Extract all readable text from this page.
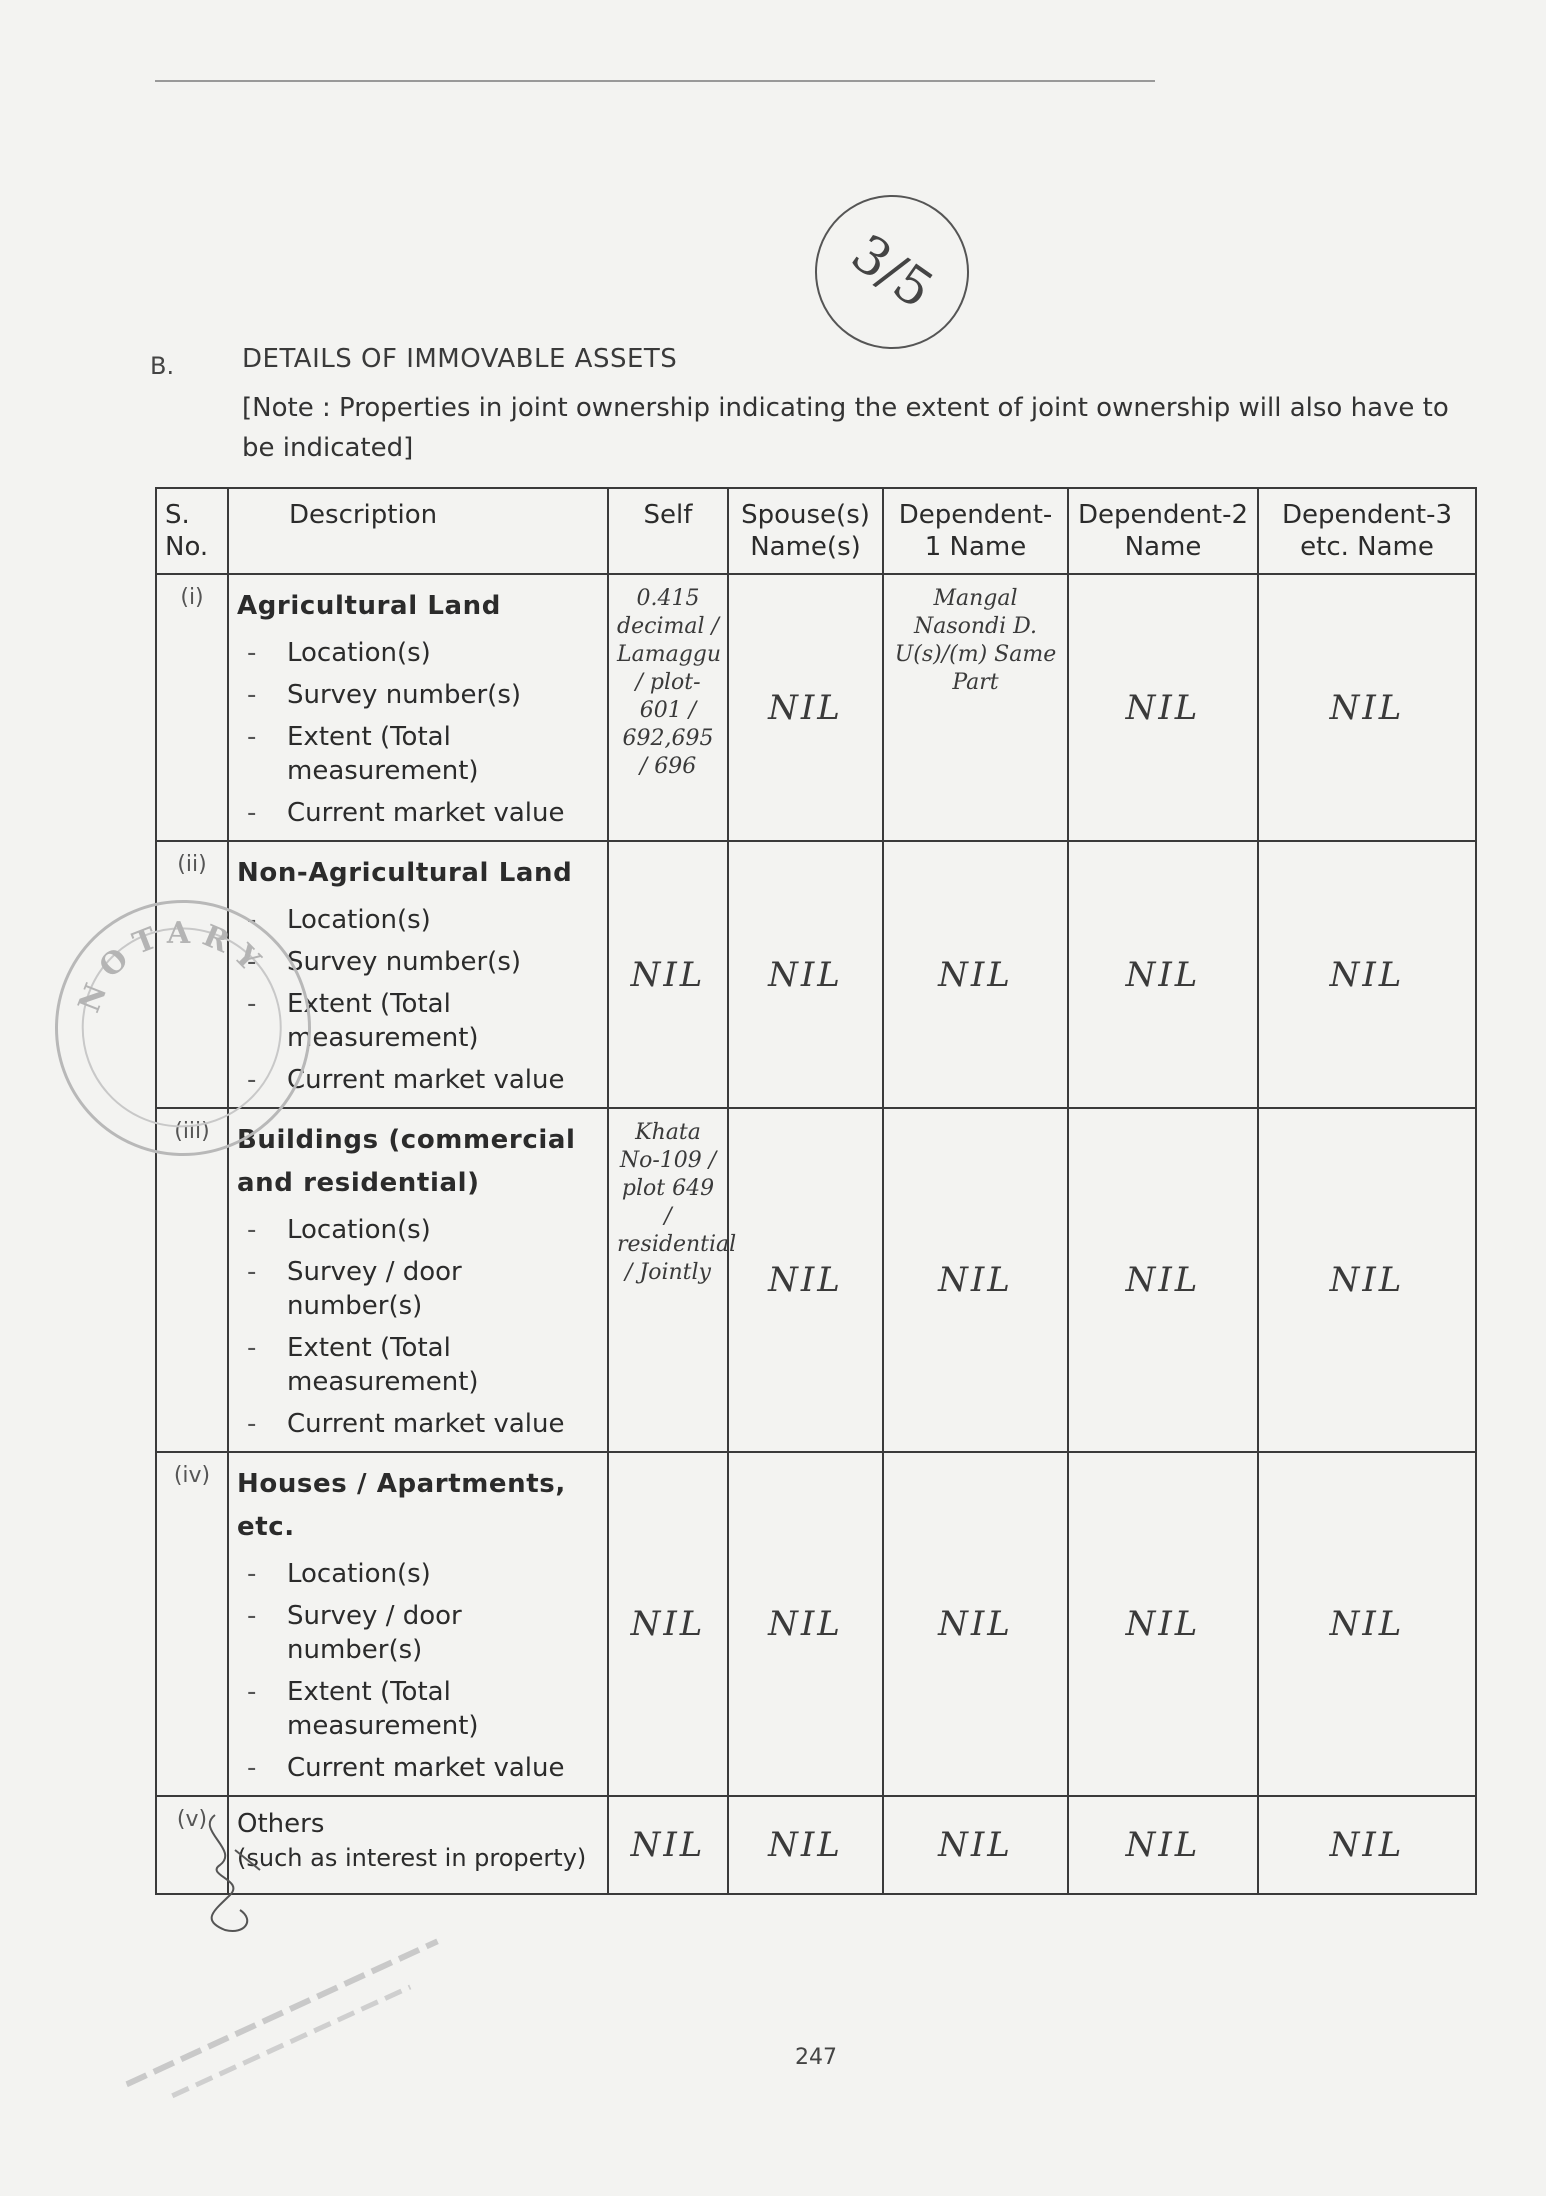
3/5
B.	DETAILS OF IMMOVABLE ASSETS
[Note : Properties in joint ownership indicating the extent of joint ownership will also have to be indicated]
S. No.	Description	Self	Spouse(s) Name(s)	Dependent-1 Name	Dependent-2 Name	Dependent-3 etc. Name
(i)	Agricultural Land
- Location(s)
- Survey number(s)
- Extent (Total measurement)
- Current market value	0.415 decimal / Lamaggu / plot-601 / 692,695 / 696	NIL	Mangal Nasondi D. U(s)/(m) Same Part	NIL	NIL
(ii)	Non-Agricultural Land
- Location(s)
- Survey number(s)
- Extent (Total measurement)
- Current market value	NIL	NIL	NIL	NIL	NIL
(iii)	Buildings (commercial and residential)
- Location(s)
- Survey / door number(s)
- Extent (Total measurement)
- Current market value	Khata No-109 / plot 649 / residential / Jointly	NIL	NIL	NIL	NIL
(iv)	Houses / Apartments, etc.
- Location(s)
- Survey / door number(s)
- Extent (Total measurement)
- Current market value	NIL	NIL	NIL	NIL	NIL
(v)	Others
(such as interest in property)	NIL	NIL	NIL	NIL	NIL
NOTARY
247
